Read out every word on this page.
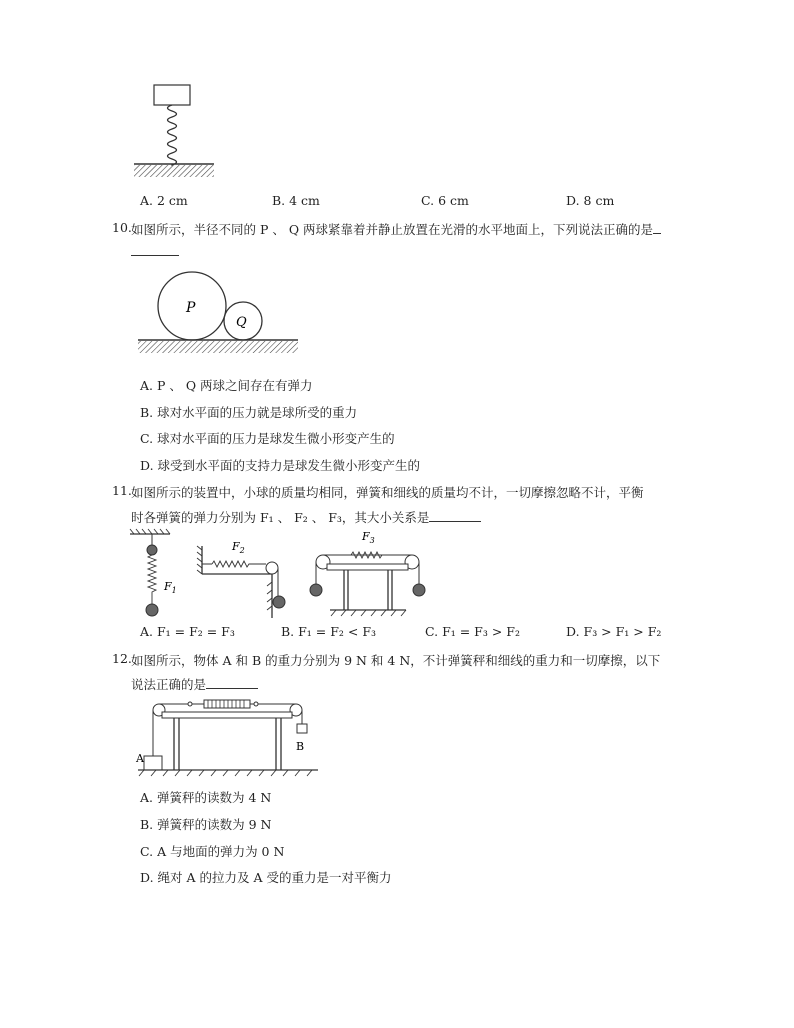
A. 2 cm	B. 4 cm	C. 6 cm	D. 8 cm
10. 如图所示，半径不同的 P 、 Q 两球紧靠着并静止放置在光滑的水平地面上，下列说法正确的是
P
Q
A. P 、 Q 两球之间存在有弹力
B. 球对水平面的压力就是球所受的重力
C. 球对水平面的压力是球发生微小形变产生的
D. 球受到水平面的支持力是球发生微小形变产生的
11. 如图所示的装置中，小球的质量均相同，弹簧和细线的质量均不计，一切摩擦忽略不计，平衡
时各弹簧的弹力分别为 F₁ 、 F₂ 、 F₃，其大小关系是
$F_1$
$F_2$
$F_3$
A. F₁ = F₂ = F₃	B. F₁ = F₂ < F₃	C. F₁ = F₃ > F₂	D. F₃ > F₁ > F₂
12. 如图所示，物体 A 和 B 的重力分别为 9 N 和 4 N，不计弹簧秤和细线的重力和一切摩擦，以下
说法正确的是
A
B
A. 弹簧秤的读数为 4 N
B. 弹簧秤的读数为 9 N
C. A 与地面的弹力为 0 N
D. 绳对 A 的拉力及 A 受的重力是一对平衡力
